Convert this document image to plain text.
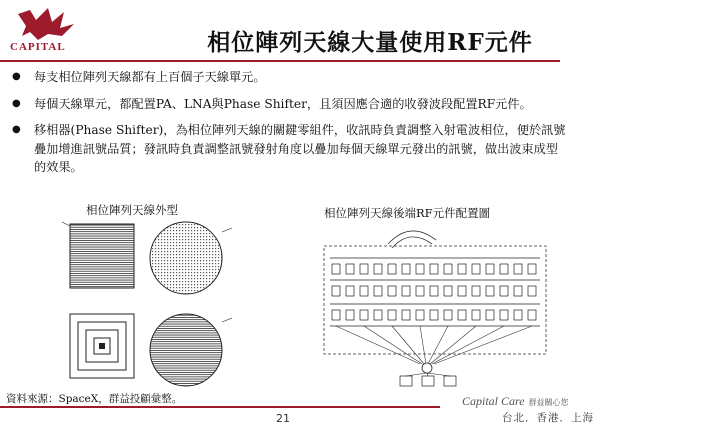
CAPITAL	相位陣列天線大量使用RF元件
● 每支相位陣列天線都有上百個子天線單元。
● 每個天線單元，都配置PA、LNA與Phase Shifter，且須因應合適的收發波段配置RF元件。
● 移相器(Phase Shifter)，為相位陣列天線的關鍵零組件，收訊時負責調整入射電波相位，便於訊號疊加增進訊號品質；發訊時負責調整訊號發射角度以疊加每個天線單元發出的訊號，做出波束成型的效果。
相位陣列天線外型	相位陣列天線後端RF元件配置圖
資料來源：SpaceX，群益投顧彙整。
21
Capital Care 群益關心您
台北．香港．上海
